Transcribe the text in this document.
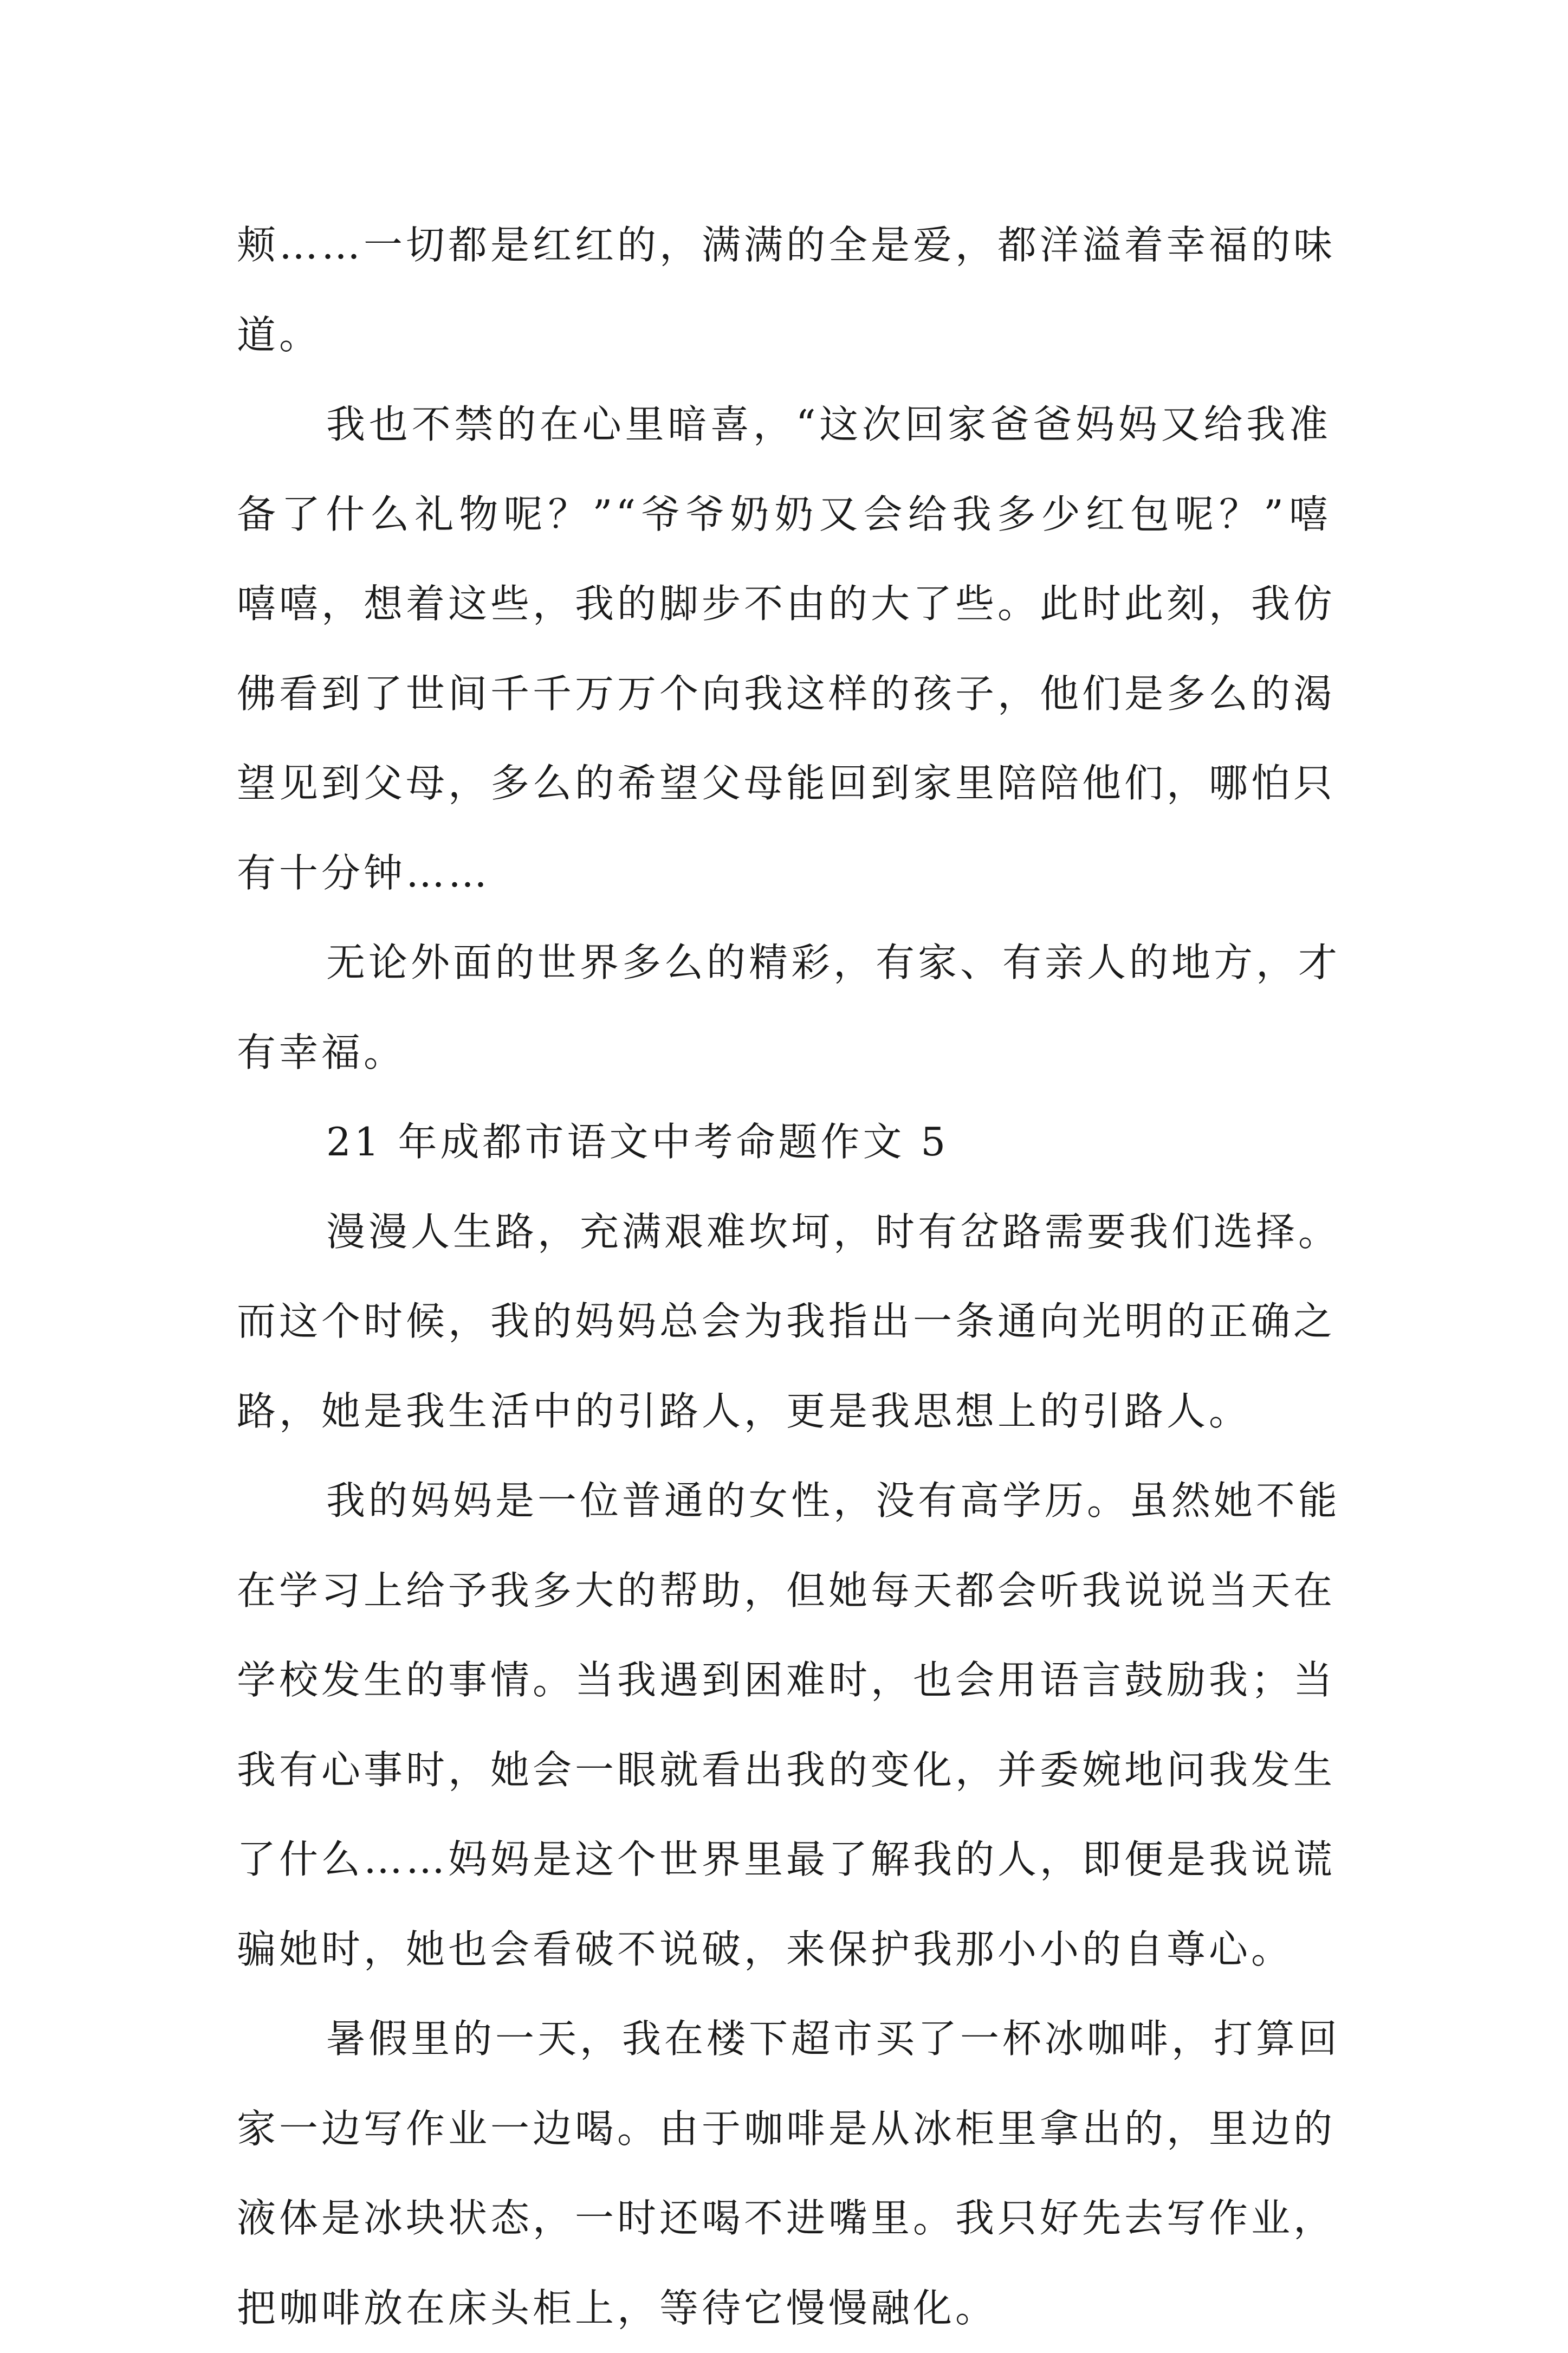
颊……一切都是红红的，满满的全是爱，都洋溢着幸福的味
道。
我也不禁的在心里暗喜，“这次回家爸爸妈妈又给我准
备了什么礼物呢？”“爷爷奶奶又会给我多少红包呢？”嘻
嘻嘻，想着这些，我的脚步不由的大了些。此时此刻，我仿
佛看到了世间千千万万个向我这样的孩子，他们是多么的渴
望见到父母，多么的希望父母能回到家里陪陪他们，哪怕只
有十分钟……
无论外面的世界多么的精彩，有家、有亲人的地方，才
有幸福。
21 年成都市语文中考命题作文 5
漫漫人生路，充满艰难坎坷，时有岔路需要我们选择。
而这个时候，我的妈妈总会为我指出一条通向光明的正确之
路，她是我生活中的引路人，更是我思想上的引路人。
我的妈妈是一位普通的女性，没有高学历。虽然她不能
在学习上给予我多大的帮助，但她每天都会听我说说当天在
学校发生的事情。当我遇到困难时，也会用语言鼓励我；当
我有心事时，她会一眼就看出我的变化，并委婉地问我发生
了什么……妈妈是这个世界里最了解我的人，即便是我说谎
骗她时，她也会看破不说破，来保护我那小小的自尊心。
暑假里的一天，我在楼下超市买了一杯冰咖啡，打算回
家一边写作业一边喝。由于咖啡是从冰柜里拿出的，里边的
液体是冰块状态，一时还喝不进嘴里。我只好先去写作业，
把咖啡放在床头柜上，等待它慢慢融化。
